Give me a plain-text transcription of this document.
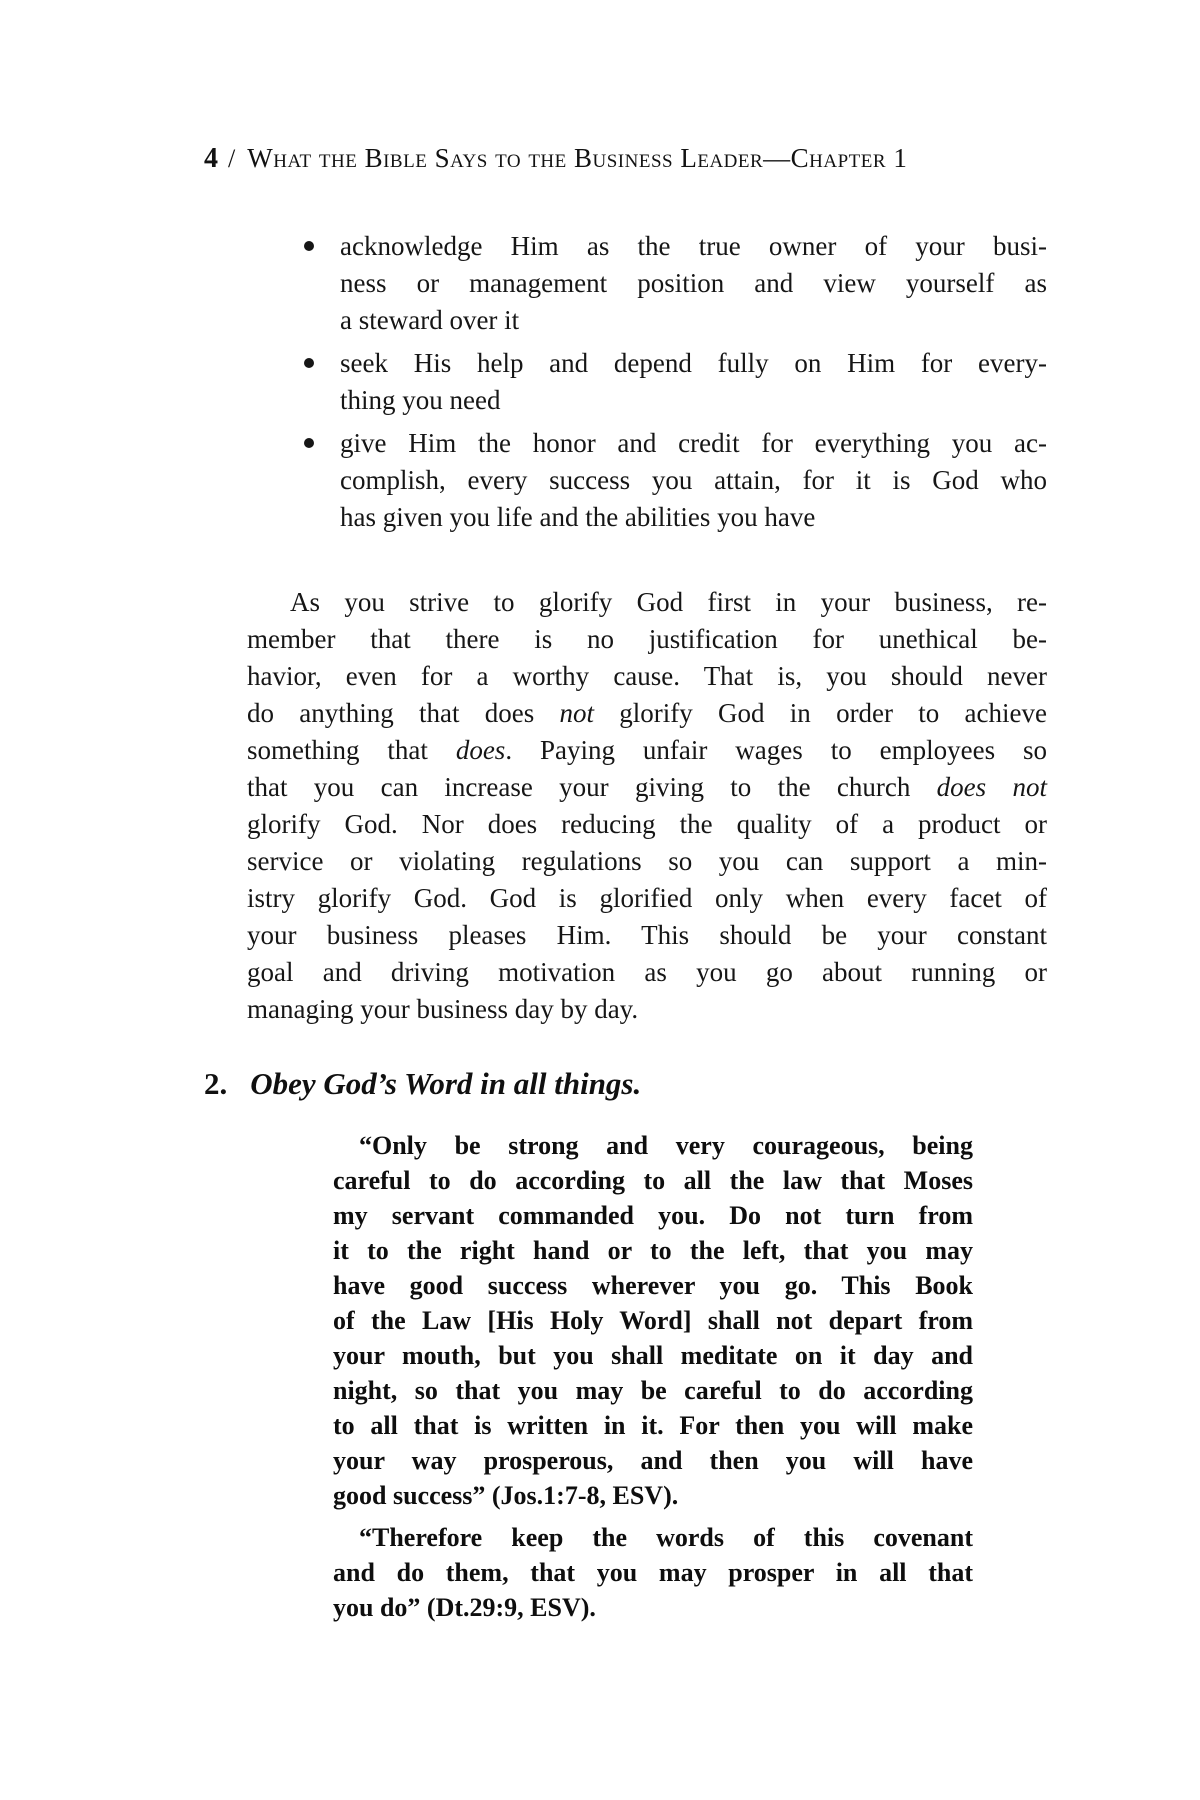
4 / What the Bible Says to the Business Leader—Chapter 1
acknowledge Him as the true owner of your busi-
ness or management position and view yourself as
a steward over it
seek His help and depend fully on Him for every-
thing you need
give Him the honor and credit for everything you ac-
complish, every success you attain, for it is God who
has given you life and the abilities you have
As you strive to glorify God first in your business, re-
member that there is no justification for unethical be-
havior, even for a worthy cause. That is, you should never
do anything that does not glorify God in order to achieve
something that does. Paying unfair wages to employees so
that you can increase your giving to the church does not
glorify God. Nor does reducing the quality of a product or
service or violating regulations so you can support a min-
istry glorify God. God is glorified only when every facet of
your business pleases Him. This should be your constant
goal and driving motivation as you go about running or
managing your business day by day.
2. Obey God’s Word in all things.
“Only be strong and very courageous, being
careful to do according to all the law that Moses
my servant commanded you. Do not turn from
it to the right hand or to the left, that you may
have good success wherever you go. This Book
of the Law [His Holy Word] shall not depart from
your mouth, but you shall meditate on it day and
night, so that you may be careful to do according
to all that is written in it. For then you will make
your way prosperous, and then you will have
good success” (Jos.1:7-8, ESV).
“Therefore keep the words of this covenant
and do them, that you may prosper in all that
you do” (Dt.29:9, ESV).
